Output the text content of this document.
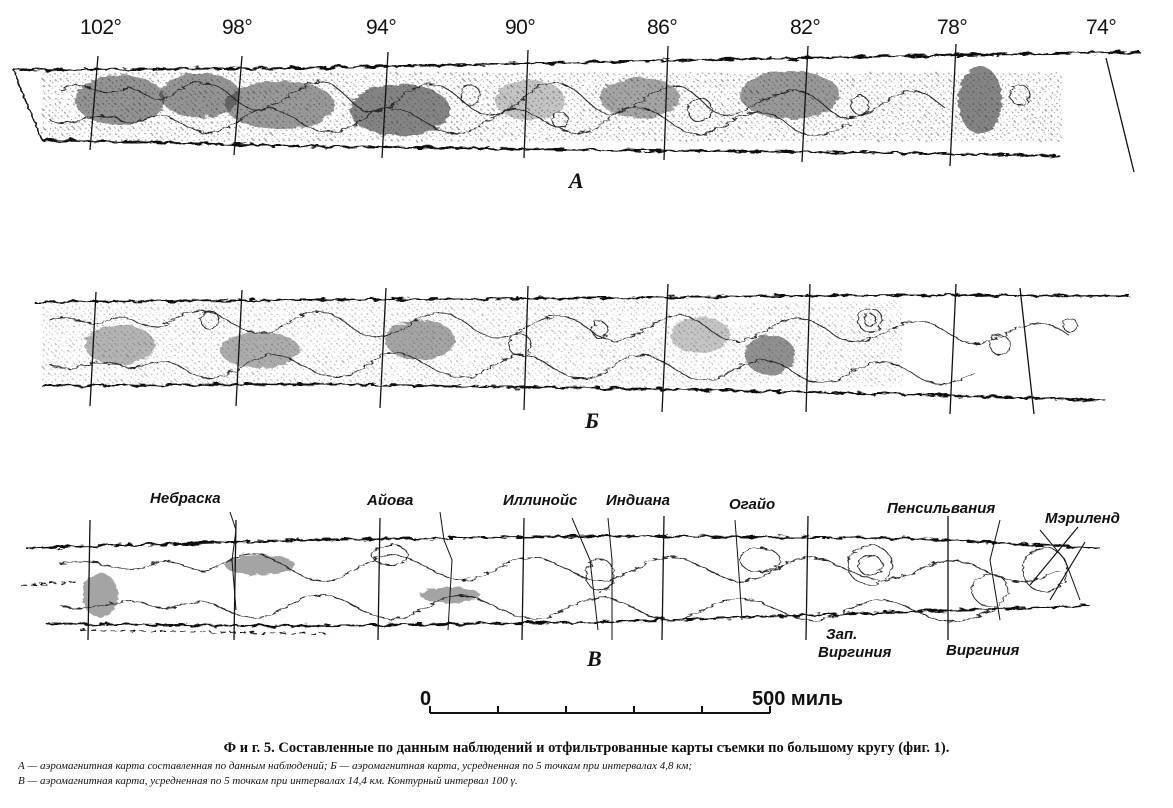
102°	98°	94°	90°	86°	82°	78°	74°
А
Б
В
Небраска	Айова	Иллинойс Индиана	Огайо	Пенсильвания
Мэриленд
Зап.
Виргиния	Виргиния
0	500 миль
Ф и г. 5. Составленные по данным наблюдений и отфильтрованные карты съемки по большому кругу (фиг. 1).
А — аэромагнитная карта составленная по данным наблюдений; Б — аэромагнитная карта, усредненная по 5 точкам при интервалах 4,8 км;
В — аэромагнитная карта, усредненная по 5 точкам при интервалах 14,4 км. Контурный интервал 100 γ.
